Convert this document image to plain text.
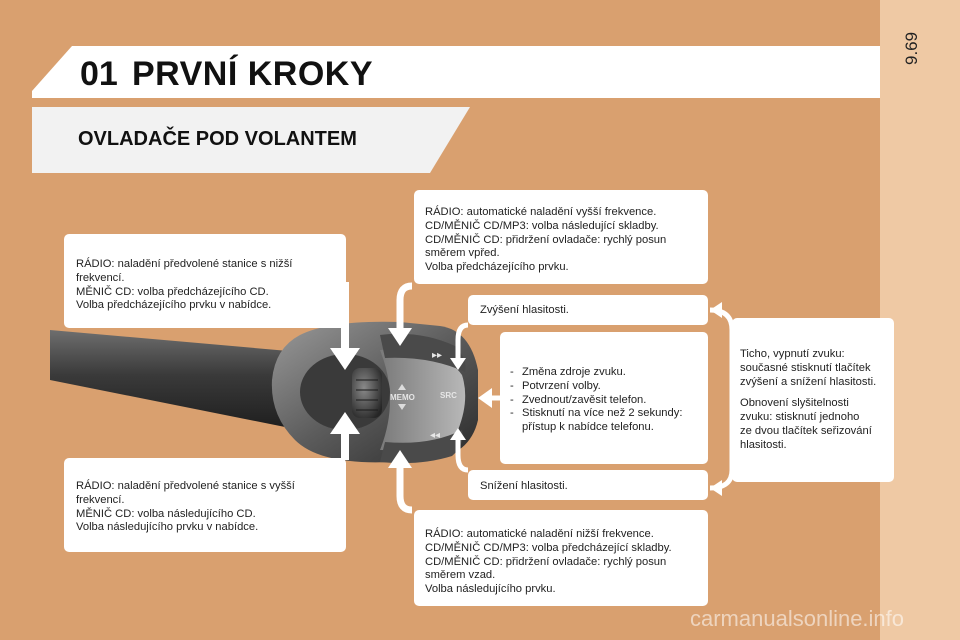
9.69
01 PRVNÍ KROKY
OVLADAČE POD VOLANTEM
MEMO	SRC
▸▸
◂◂

RÁDIO: naladění předvolené stanice s nižší

frekvencí.

MĚNIČ CD: volba předcházejícího CD.

Volba předcházejícího prvku v nabídce.

RÁDIO: naladění předvolené stanice s vyšší

frekvencí.

MĚNIČ CD: volba následujícího CD.

Volba následujícího prvku v nabídce.

RÁDIO: automatické naladění vyšší frekvence.

CD/MĚNIČ CD/MP3: volba následující skladby.

CD/MĚNIČ CD: přidržení ovladače: rychlý posun

směrem vpřed.

Volba předcházejícího prvku.

Zvýšení hlasitosti.

- Změna zdroje zvuku.
- Potvrzení volby.
- Zvednout/zavěsit telefon.
- Stisknutí na více než 2 sekundy: přístup k nabídce telefonu.

Snížení hlasitosti.

RÁDIO: automatické naladění nižší frekvence.

CD/MĚNIČ CD/MP3: volba předcházející skladby.

CD/MĚNIČ CD: přidržení ovladače: rychlý posun

směrem vzad.

Volba následujícího prvku.

Ticho, vypnutí zvuku:

současné stisknutí tlačítek

zvýšení a snížení hlasitosti.

Obnovení slyšitelnosti

zvuku: stisknutí jednoho

ze dvou tlačítek seřizování

hlasitosti.

carmanualsonline.info
